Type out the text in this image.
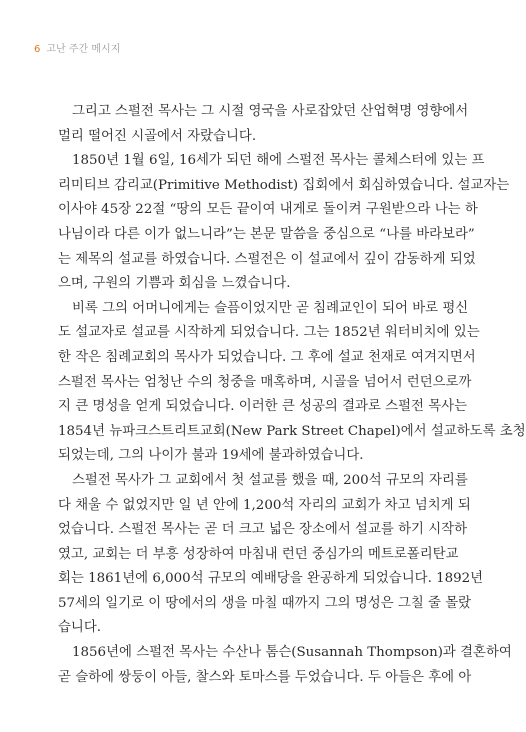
6 고난 주간 메시지
그리고 스펄전 목사는 그 시절 영국을 사로잡았던 산업혁명 영향에서
멀리 떨어진 시골에서 자랐습니다.
1850년 1월 6일, 16세가 되던 해에 스펄전 목사는 콜체스터에 있는 프
리미티브 감리교(Primitive Methodist) 집회에서 회심하였습니다. 설교자는
이사야 45장 22절 “땅의 모든 끝이여 내게로 돌이켜 구원받으라 나는 하
나님이라 다른 이가 없느니라”는 본문 말씀을 중심으로 “나를 바라보라”
는 제목의 설교를 하였습니다. 스펄전은 이 설교에서 깊이 감동하게 되었
으며, 구원의 기쁨과 회심을 느꼈습니다.
비록 그의 어머니에게는 슬픔이었지만 곧 침례교인이 되어 바로 평신
도 설교자로 설교를 시작하게 되었습니다. 그는 1852년 워터비치에 있는
한 작은 침례교회의 목사가 되었습니다. 그 후에 설교 천재로 여겨지면서
스펄전 목사는 엄청난 수의 청중을 매혹하며, 시골을 넘어서 런던으로까
지 큰 명성을 얻게 되었습니다. 이러한 큰 성공의 결과로 스펄전 목사는
1854년 뉴파크스트리트교회(New Park Street Chapel)에서 설교하도록 초청
되었는데, 그의 나이가 불과 19세에 불과하였습니다.
스펄전 목사가 그 교회에서 첫 설교를 했을 때, 200석 규모의 자리를
다 채울 수 없었지만 일 년 안에 1,200석 자리의 교회가 차고 넘치게 되
었습니다. 스펄전 목사는 곧 더 크고 넓은 장소에서 설교를 하기 시작하
였고, 교회는 더 부흥 성장하여 마침내 런던 중심가의 메트로폴리탄교
회는 1861년에 6,000석 규모의 예배당을 완공하게 되었습니다. 1892년
57세의 일기로 이 땅에서의 생을 마칠 때까지 그의 명성은 그칠 줄 몰랐
습니다.
1856년에 스펄전 목사는 수산나 톰슨(Susannah Thompson)과 결혼하여
곧 슬하에 쌍둥이 아들, 찰스와 토마스를 두었습니다. 두 아들은 후에 아
